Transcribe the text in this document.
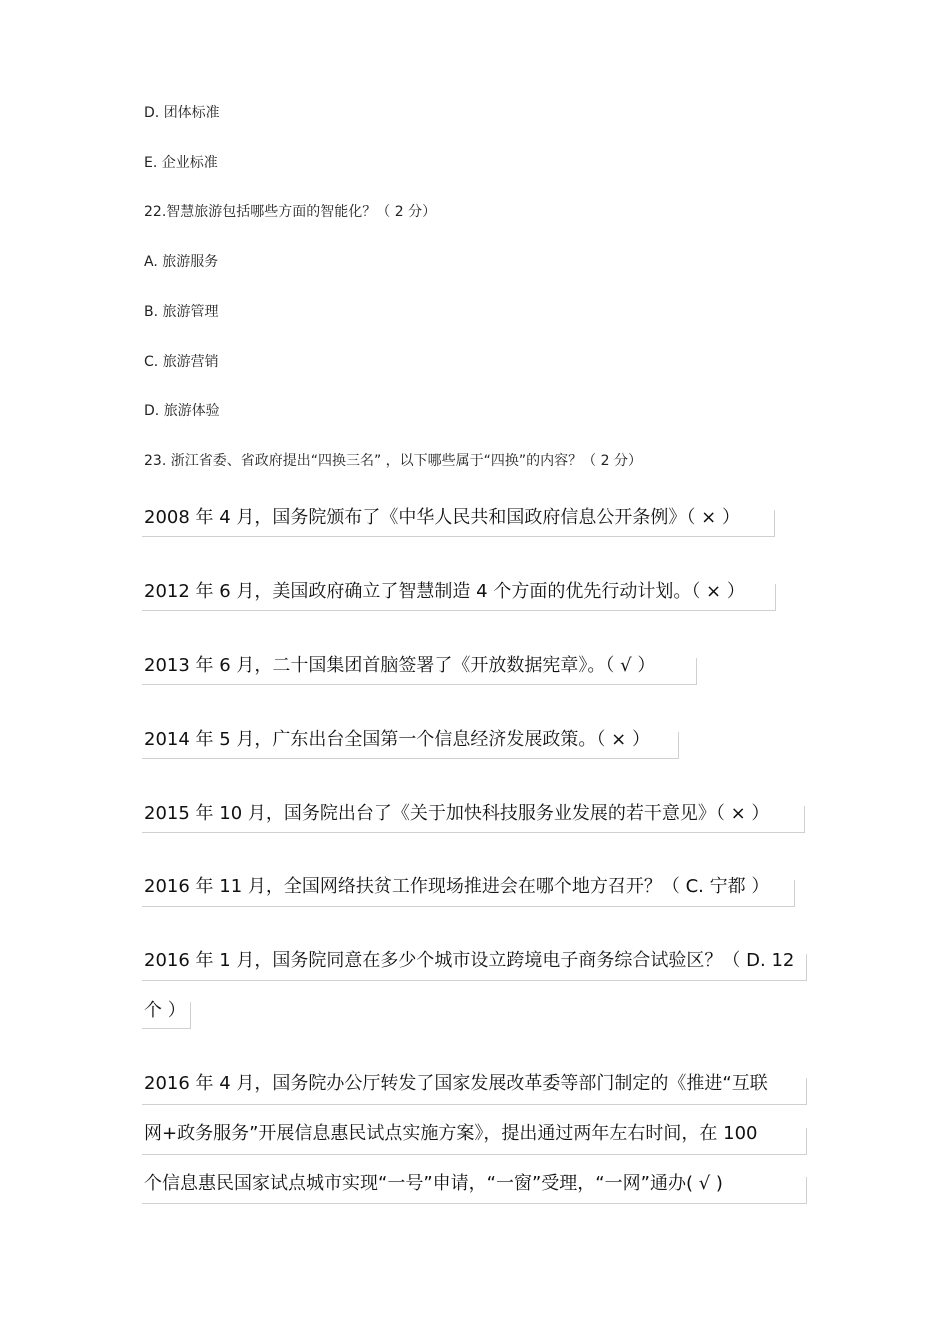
D. 团体标准
E. 企业标准
22.智慧旅游包括哪些方面的智能化？（ 2 分）
A. 旅游服务
B. 旅游管理
C. 旅游营销
D. 旅游体验
23. 浙江省委、省政府提出“四换三名” ，以下哪些属于“四换”的内容？（ 2 分）
2008 年 4 月，国务院颁布了《中华人民共和国政府信息公开条例》（ × ）
2012 年 6 月，美国政府确立了智慧制造 4 个方面的优先行动计划。（ × ）
2013 年 6 月，二十国集团首脑签署了《开放数据宪章》。（ √ ）
2014 年 5 月，广东出台全国第一个信息经济发展政策。（ × ）
2015 年 10 月，国务院出台了《关于加快科技服务业发展的若干意见》（ × ）
2016 年 11 月，全国网络扶贫工作现场推进会在哪个地方召开？（ C. 宁都 ）
2016 年 1 月，国务院同意在多少个城市设立跨境电子商务综合试验区？（ D. 12
个 ）
2016 年 4 月，国务院办公厅转发了国家发展改革委等部门制定的《推进“互联
网+政务服务”开展信息惠民试点实施方案》，提出通过两年左右时间，在 100
个信息惠民国家试点城市实现“一号”申请，“一窗”受理，“一网”通办( √ )
